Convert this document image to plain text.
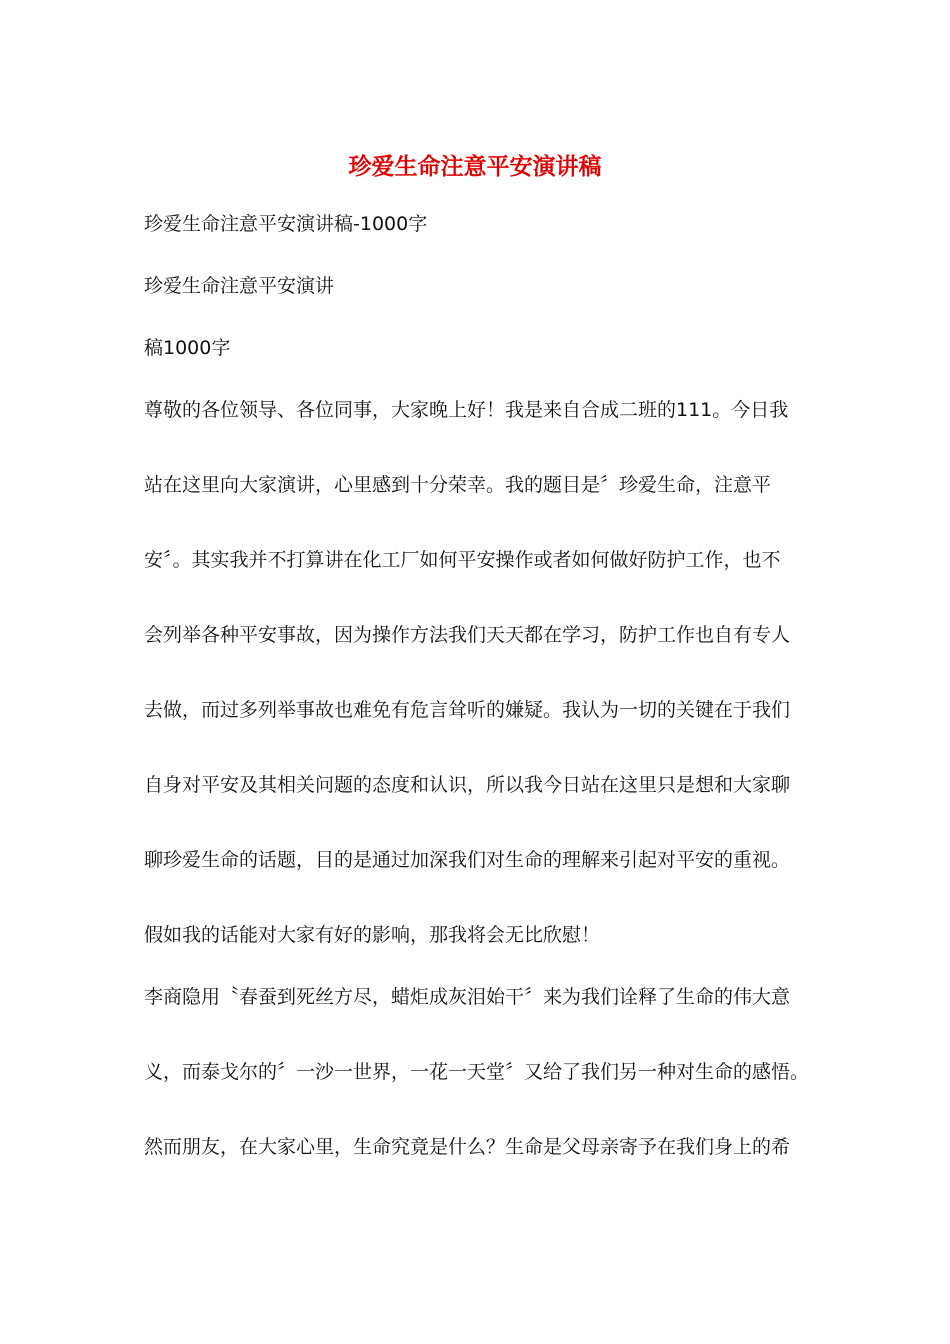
珍爱生命注意平安演讲稿

珍爱生命注意平安演讲稿-1000字

珍爱生命注意平安演讲

稿1000字

尊敬的各位领导、各位同事，大家晚上好！我是来自合成二班的111。今日我

站在这里向大家演讲，心里感到十分荣幸。我的题目是〞珍爱生命，注意平

安〞。其实我并不打算讲在化工厂如何平安操作或者如何做好防护工作，也不

会列举各种平安事故，因为操作方法我们天天都在学习，防护工作也自有专人

去做，而过多列举事故也难免有危言耸听的嫌疑。我认为一切的关键在于我们

自身对平安及其相关问题的态度和认识，所以我今日站在这里只是想和大家聊

聊珍爱生命的话题，目的是通过加深我们对生命的理解来引起对平安的重视。

假如我的话能对大家有好的影响，那我将会无比欣慰！

李商隐用〝春蚕到死丝方尽，蜡炬成灰泪始干〞来为我们诠释了生命的伟大意

义，而泰戈尔的〞一沙一世界，一花一天堂〞又给了我们另一种对生命的感悟。

然而朋友，在大家心里，生命究竟是什么？生命是父母亲寄予在我们身上的希
